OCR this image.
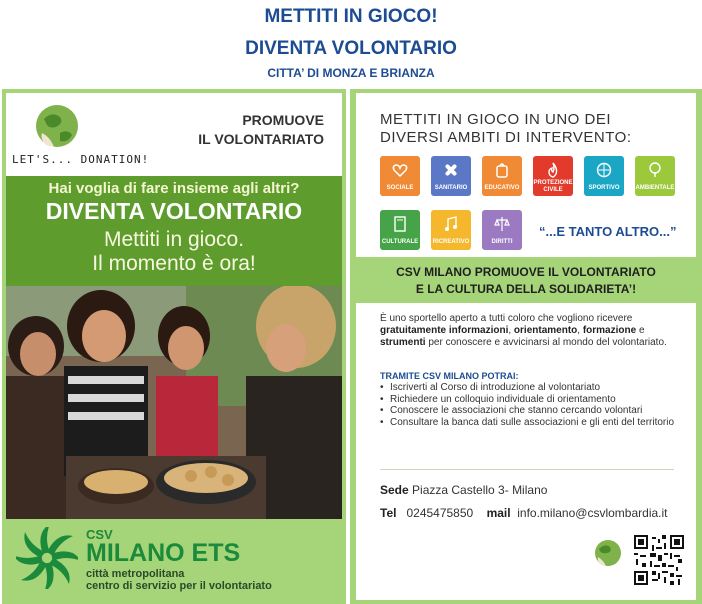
METTITI IN GIOCO!
DIVENTA VOLONTARIO
CITTA’ DI MONZA E BRIANZA
LET'S... DONATION!
PROMUOVE
IL VOLONTARIATO
Hai voglia di fare insieme agli altri?
DIVENTA VOLONTARIO
Mettiti in gioco.
Il momento è ora!
CSV
MILANO ETS
città metropolitana
centro di servizio per il volontariato
METTITI IN GIOCO IN UNO DEI
DIVERSI AMBITI DI INTERVENTO:
SOCIALE	SANITARIO	EDUCATIVO
PROTEZIONE CIVILE	SPORTIVO	AMBIENTALE
CULTURALE	RICREATIVO	DIRITTI
“...E TANTO ALTRO...”
CSV MILANO PROMUOVE IL VOLONTARIATO
E LA CULTURA DELLA SOLIDARIETA’!
È uno sportello aperto a tutti coloro che vogliono ricevere gratuitamente informazioni, orientamento, formazione e strumenti per conoscere e avvicinarsi al mondo del volontariato.
TRAMITE CSV MILANO POTRAI:
• Iscriverti al Corso di introduzione al volontariato
• Richiedere un colloquio individuale di orientamento
• Conoscere le associazioni che stanno cercando volontari
• Consultare la banca dati sulle associazioni e gli enti del territorio
Sede Piazza Castello 3- Milano
Tel 0245475850 mail info.milano@csvlombardia.it
